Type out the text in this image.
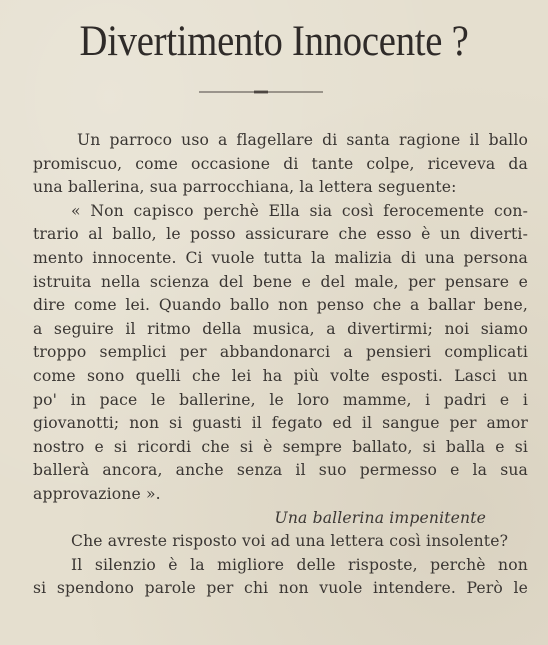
Divertimento Innocente ?
Un parroco uso a flagellare di santa ragione il ballo
promiscuo, come occasione di tante colpe, riceveva da
una ballerina, sua parrocchiana, la lettera seguente:
« Non capisco perchè Ella sia così ferocemente con-
trario al ballo, le posso assicurare che esso è un diverti-
mento innocente. Ci vuole tutta la malizia di una persona
istruita nella scienza del bene e del male, per pensare e
dire come lei. Quando ballo non penso che a ballar bene,
a seguire il ritmo della musica, a divertirmi; noi siamo
troppo semplici per abbandonarci a pensieri complicati
come sono quelli che lei ha più volte esposti. Lasci un
po' in pace le ballerine, le loro mamme, i padri e i
giovanotti; non si guasti il fegato ed il sangue per amor
nostro e si ricordi che si è sempre ballato, si balla e si
ballerà ancora, anche senza il suo permesso e la sua
approvazione ».
Una ballerina impenitente
Che avreste risposto voi ad una lettera così insolente?
Il silenzio è la migliore delle risposte, perchè non
si spendono parole per chi non vuole intendere. Però le
